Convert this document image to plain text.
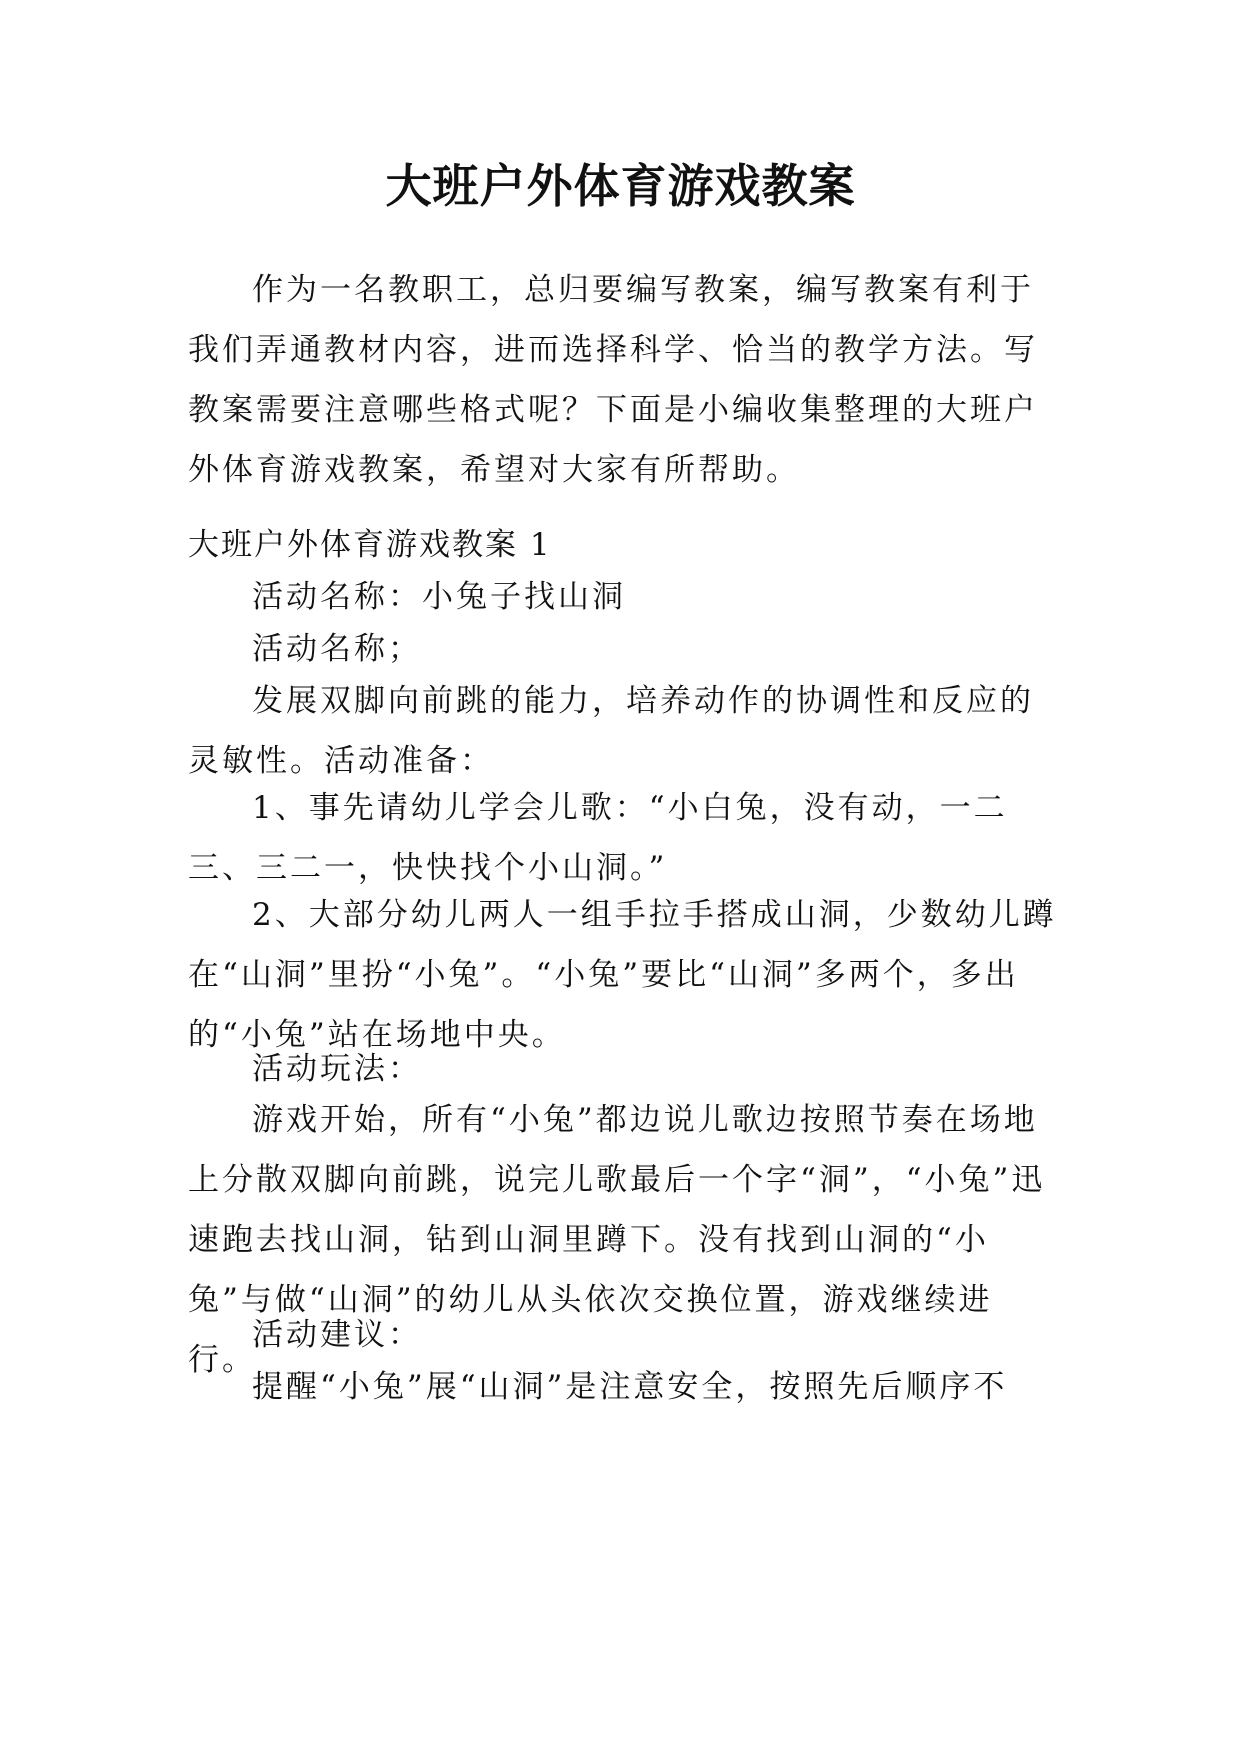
大班户外体育游戏教案
作为一名教职工，总归要编写教案，编写教案有利于我们弄通教材内容，进而选择科学、恰当的教学方法。写教案需要注意哪些格式呢？下面是小编收集整理的大班户外体育游戏教案，希望对大家有所帮助。
大班户外体育游戏教案 1
活动名称：小兔子找山洞
活动名称；
发展双脚向前跳的能力，培养动作的协调性和反应的灵敏性。活动准备：
1、事先请幼儿学会儿歌：“小白兔，没有动，一二三、三二一，快快找个小山洞。”
2、大部分幼儿两人一组手拉手搭成山洞，少数幼儿蹲在“山洞”里扮“小兔”。“小兔”要比“山洞”多两个，多出的“小兔”站在场地中央。
活动玩法：
游戏开始，所有“小兔”都边说儿歌边按照节奏在场地上分散双脚向前跳，说完儿歌最后一个字“洞”，“小兔”迅速跑去找山洞，钻到山洞里蹲下。没有找到山洞的“小兔”与做“山洞”的幼儿从头依次交换位置，游戏继续进行。
活动建议：
提醒“小兔”展“山洞”是注意安全，按照先后顺序不
